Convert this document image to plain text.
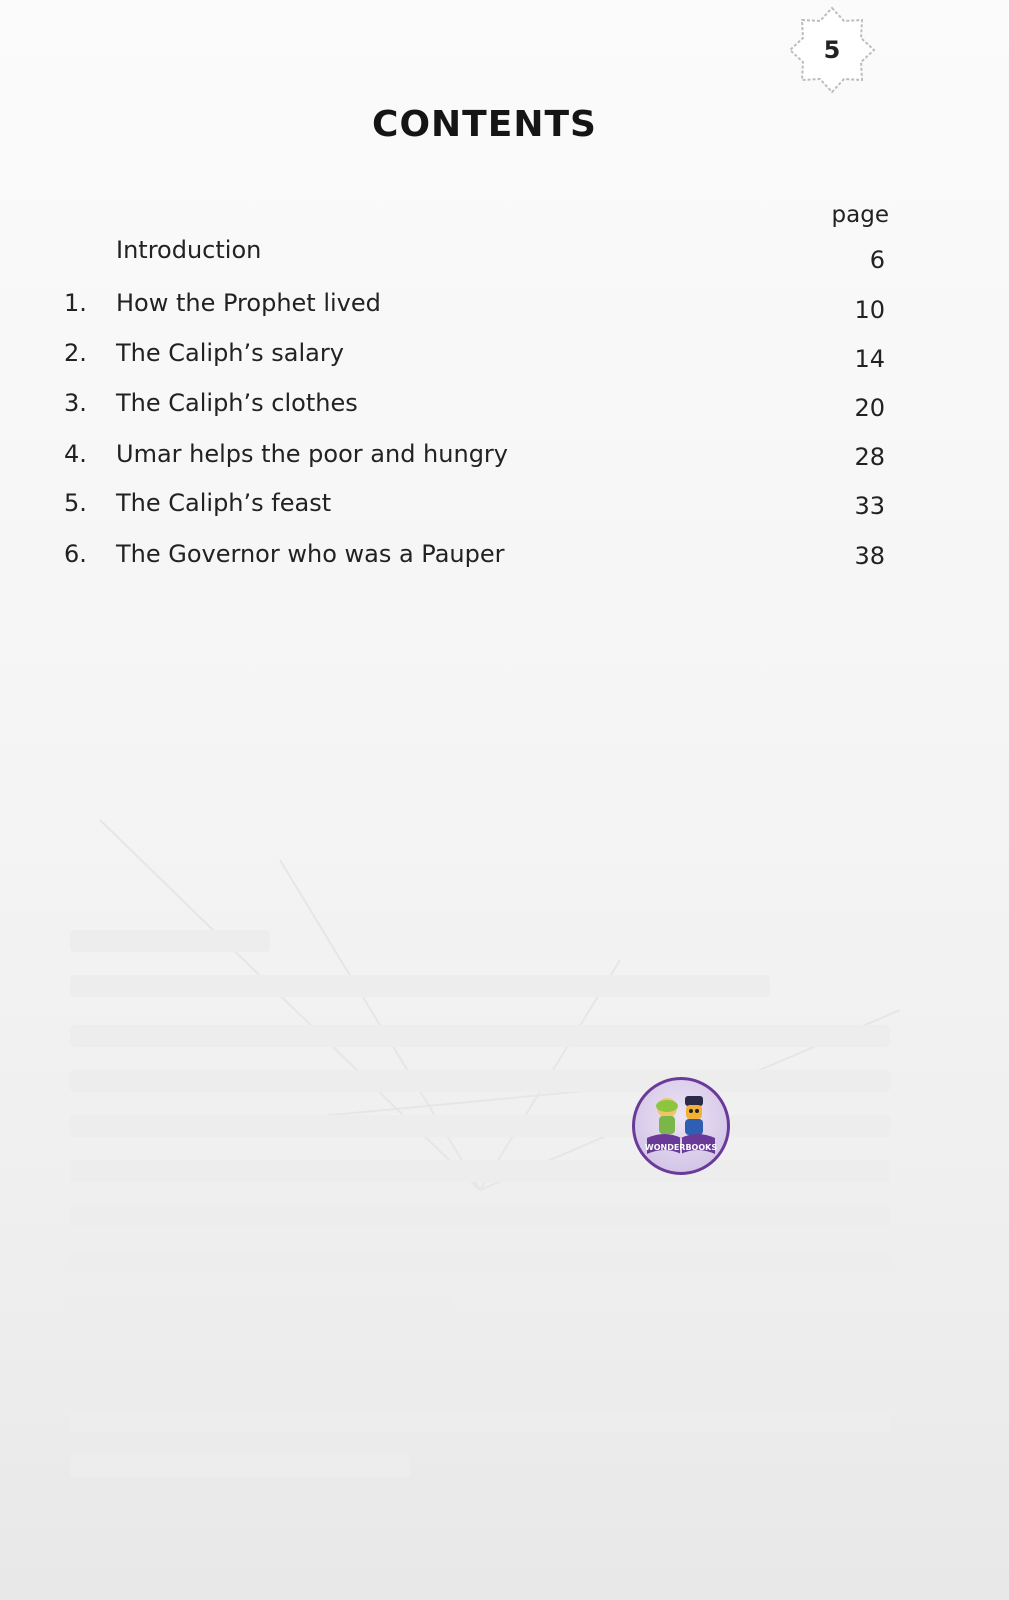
5
CONTENTS
page
Introduction	6
1. How the Prophet lived	10
2. The Caliph’s salary	14
3. The Caliph’s clothes	20
4. Umar helps the poor and hungry	28
5. The Caliph’s feast	33
6. The Governor who was a Pauper	38
WONDERBOOKS
